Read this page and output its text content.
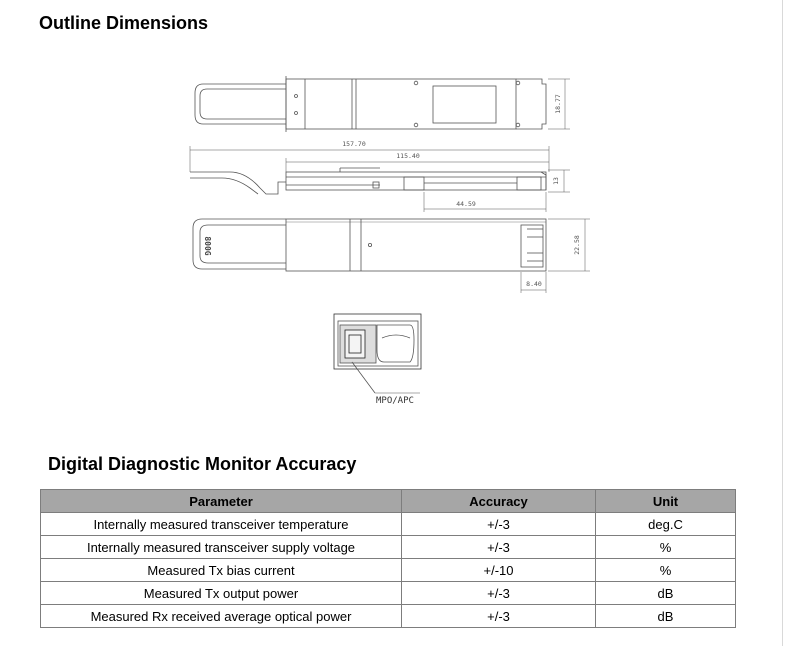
Outline Dimensions
18.77
157.70
115.40
13
44.59
800G	22.58
8.40
MPO/APC
Digital Diagnostic Monitor Accuracy
Parameter	Accuracy	Unit
Internally measured transceiver temperature	+/-3	deg.C
Internally measured transceiver supply voltage	+/-3	%
Measured Tx bias current	+/-10	%
Measured Tx output power	+/-3	dB
Measured Rx received average optical power	+/-3	dB
